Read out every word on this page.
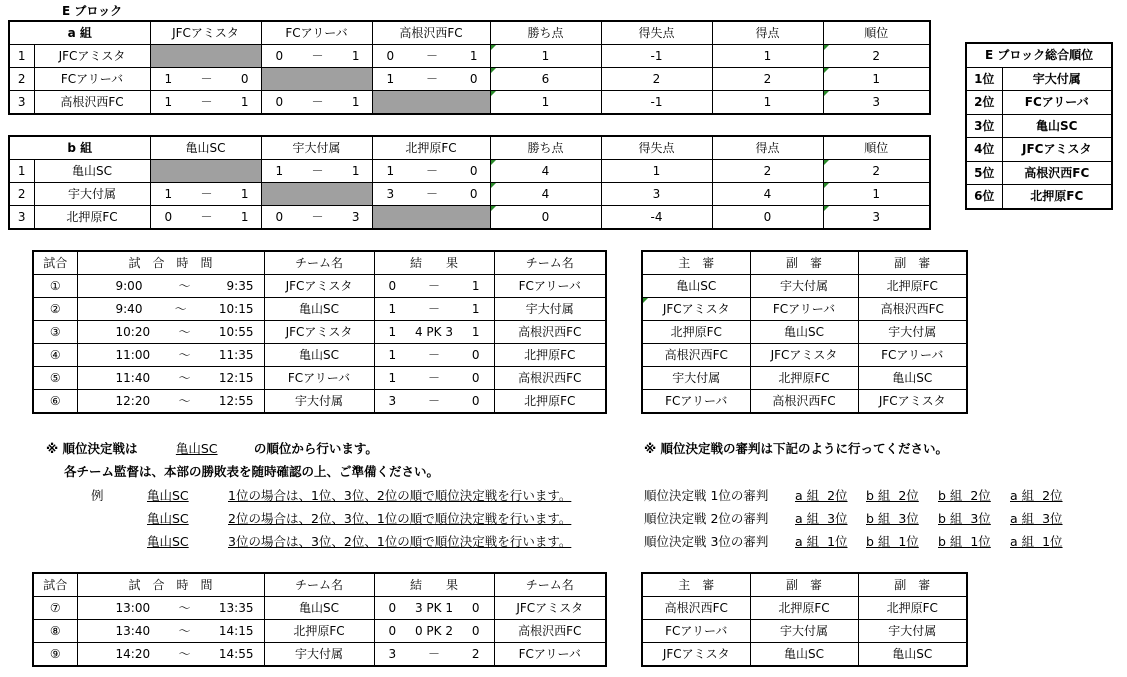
E ブロック
a 組		JFCアミスタ	FCアリーバ	高根沢西FC	勝ち点	得失点	得点	順位
1	JFCアミスタ		0 － 1	0 － 1	1	-1	1	2
2	FCアリーバ	1 － 0		1 － 0	6	2	2	1
3	高根沢西FC	1 － 1	0 － 1		1	-1	1	3
b 組		亀山SC	宇大付属	北押原FC	勝ち点	得失点	得点	順位
1	亀山SC		1 － 1	1 － 0	4	1	2	2
2	宇大付属	1 － 1		3 － 0	4	3	4	1
3	北押原FC	0 － 1	0 － 3		0	-4	0	3
E ブロック総合順位	
1位	宇大付属
2位	FCアリーバ
3位	亀山SC
4位	JFCアミスタ
5位	高根沢西FC
6位	北押原FC
試合	試　合　時　間	チーム名	結　　果	チーム名
①	9:00 ～ 9:35	JFCアミスタ	0 － 1	FCアリーバ
②	9:40 ～ 10:15	亀山SC	1 － 1	宇大付属
③	10:20 ～ 10:55	JFCアミスタ	1 4 PK 3 1	高根沢西FC
④	11:00 ～ 11:35	亀山SC	1 － 0	北押原FC
⑤	11:40 ～ 12:15	FCアリーバ	1 － 0	高根沢西FC
⑥	12:20 ～ 12:55	宇大付属	3 － 0	北押原FC
主　審	副　審	副　審
亀山SC	宇大付属	北押原FC
JFCアミスタ	FCアリーバ	高根沢西FC
北押原FC	亀山SC	宇大付属
高根沢西FC	JFCアミスタ	FCアリーバ
宇大付属	北押原FC	亀山SC
FCアリーバ	高根沢西FC	JFCアミスタ
※ 順位決定戦は	亀山SC	の順位から行います。
各チーム監督は、本部の勝敗表を随時確認の上、ご準備ください。
例	亀山SC	1位の場合は、1位、3位、2位の順で順位決定戦を行います。
亀山SC	2位の場合は、2位、3位、1位の順で順位決定戦を行います。
亀山SC	3位の場合は、3位、2位、1位の順で順位決定戦を行います。
※ 順位決定戦の審判は下記のように行ってください。
順位決定戦 1位の審判 a 組  2位 b 組  2位 b 組  2位 a 組  2位
順位決定戦 2位の審判 a 組  3位 b 組  3位 b 組  3位 a 組  3位
順位決定戦 3位の審判 a 組  1位 b 組  1位 b 組  1位 a 組  1位
試合	試　合　時　間	チーム名	結　　果	チーム名
⑦	13:00 ～ 13:35	亀山SC	0 3 PK 1 0	JFCアミスタ
⑧	13:40 ～ 14:15	北押原FC	0 0 PK 2 0	高根沢西FC
⑨	14:20 ～ 14:55	宇大付属	3 － 2	FCアリーバ
主　審	副　審	副　審
高根沢西FC	北押原FC	北押原FC
FCアリーバ	宇大付属	宇大付属
JFCアミスタ	亀山SC	亀山SC
